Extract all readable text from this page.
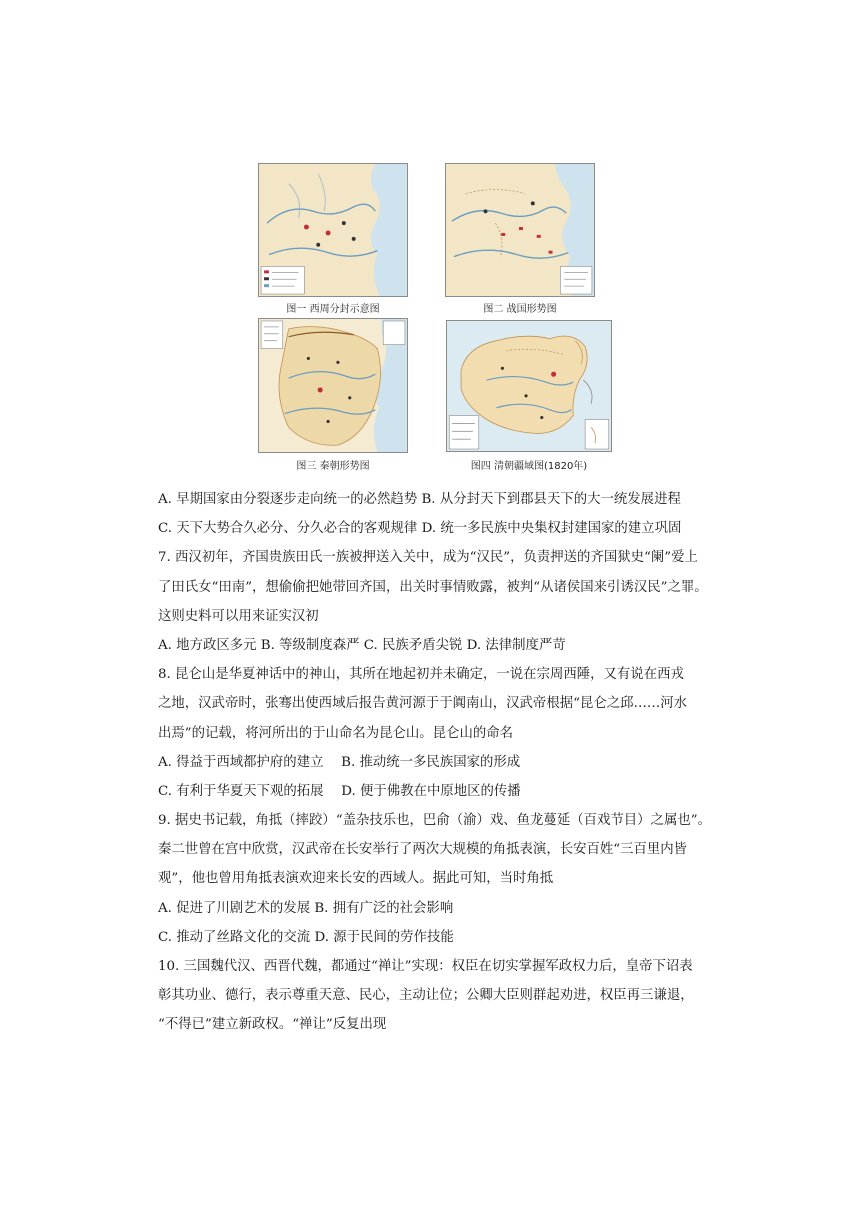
图一 西周分封示意图	图二 战国形势图
图三 秦朝形势图	图四 清朝疆域图(1820年)
A. 早期国家由分裂逐步走向统一的必然趋势 B. 从分封天下到郡县天下的大一统发展进程
C. 天下大势合久必分、分久必合的客观规律 D. 统一多民族中央集权封建国家的建立巩固
7. 西汉初年，齐国贵族田氏一族被押送入关中，成为“汉民”，负责押送的齐国狱史“阑”爱上
了田氏女“田南”，想偷偷把她带回齐国，出关时事情败露，被判“从诸侯国来引诱汉民”之罪。
这则史料可以用来证实汉初
A. 地方政区多元 B. 等级制度森严 C. 民族矛盾尖锐 D. 法律制度严苛
8. 昆仑山是华夏神话中的神山，其所在地起初并未确定，一说在宗周西陲，又有说在西戎
之地，汉武帝时，张骞出使西域后报告黄河源于于阗南山，汉武帝根据“昆仑之邱……河水
出焉”的记载，将河所出的于山命名为昆仑山。昆仑山的命名
A. 得益于西域都护府的建立 　B. 推动统一多民族国家的形成
C. 有利于华夏天下观的拓展 　D. 便于佛教在中原地区的传播
9. 据史书记载，角抵（摔跤）“盖杂技乐也，巴俞（渝）戏、鱼龙蔓延（百戏节目）之属也”。
秦二世曾在宫中欣赏，汉武帝在长安举行了两次大规模的角抵表演，长安百姓“三百里内皆
观”，他也曾用角抵表演欢迎来长安的西域人。据此可知，当时角抵
A. 促进了川剧艺术的发展 B. 拥有广泛的社会影响
C. 推动了丝路文化的交流 D. 源于民间的劳作技能
10. 三国魏代汉、西晋代魏，都通过“禅让”实现：权臣在切实掌握军政权力后，皇帝下诏表
彰其功业、德行，表示尊重天意、民心，主动让位；公卿大臣则群起劝进，权臣再三谦退，
“不得已”建立新政权。“禅让”反复出现
